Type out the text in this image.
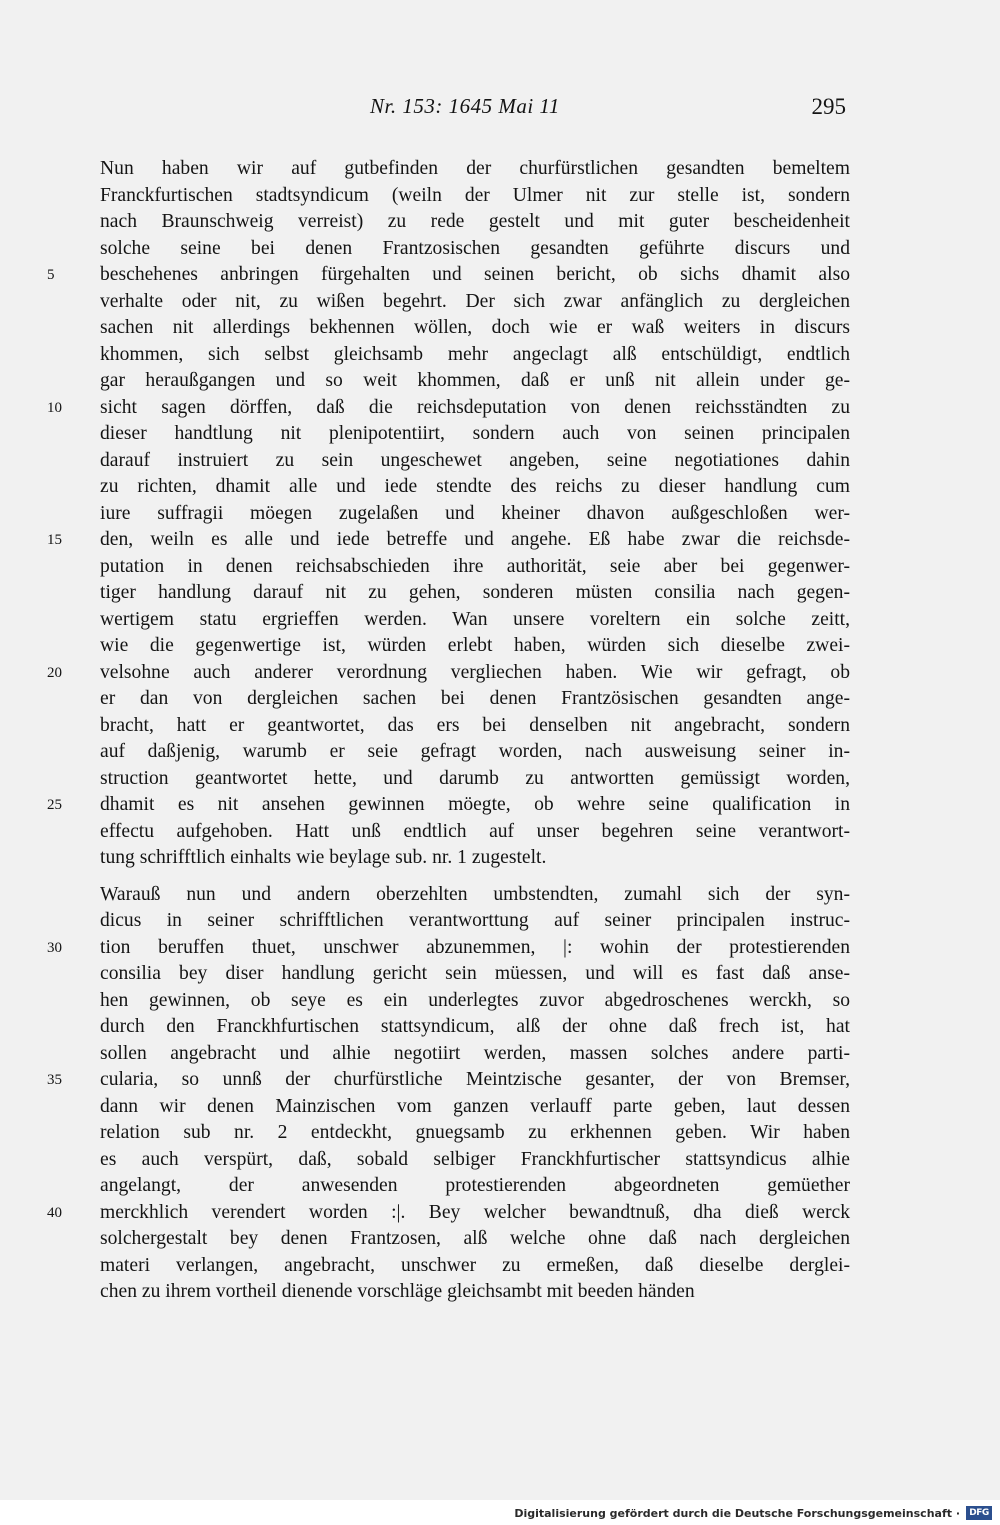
Nr. 153: 1645 Mai 11	295
Nun haben wir auf gutbefinden der churfürstlichen gesandten bemeltem
Franckfurtischen stadtsyndicum (weiln der Ulmer nit zur stelle ist, sondern
nach Braunschweig verreist) zu rede gestelt und mit guter bescheidenheit
solche seine bei denen Frantzosischen gesandten geführte discurs und
beschehenes anbringen fürgehalten und seinen bericht, ob sichs dhamit also
5
verhalte oder nit, zu wißen begehrt. Der sich zwar anfänglich zu dergleichen
sachen nit allerdings bekhennen wöllen, doch wie er waß weiters in discurs
khommen, sich selbst gleichsamb mehr angeclagt alß entschüldigt, endtlich
gar heraußgangen und so weit khommen, daß er unß nit allein under ge-
sicht sagen dörffen, daß die reichsdeputation von denen reichsständten zu
10
dieser handtlung nit plenipotentiirt, sondern auch von seinen principalen
darauf instruiert zu sein ungeschewet angeben, seine negotiationes dahin
zu richten, dhamit alle und iede stendte des reichs zu dieser handlung cum
iure suffragii möegen zugelaßen und kheiner dhavon außgeschloßen wer-
den, weiln es alle und iede betreffe und angehe. Eß habe zwar die reichsde-
15
putation in denen reichsabschieden ihre authorität, seie aber bei gegenwer-
tiger handlung darauf nit zu gehen, sonderen müsten consilia nach gegen-
wertigem statu ergrieffen werden. Wan unsere voreltern ein solche zeitt,
wie die gegenwertige ist, würden erlebt haben, würden sich dieselbe zwei-
velsohne auch anderer verordnung vergliechen haben. Wie wir gefragt, ob
20
er dan von dergleichen sachen bei denen Frantzösischen gesandten ange-
bracht, hatt er geantwortet, das ers bei denselben nit angebracht, sondern
auf daßjenig, warumb er seie gefragt worden, nach ausweisung seiner in-
struction geantwortet hette, und darumb zu antwortten gemüssigt worden,
dhamit es nit ansehen gewinnen möegte, ob wehre seine qualification in
25
effectu aufgehoben. Hatt unß endtlich auf unser begehren seine verantwort-
tung schrifftlich einhalts wie beylage sub. nr. 1 zugestelt.
Warauß nun und andern oberzehlten umbstendten, zumahl sich der syn-
dicus in seiner schrifftlichen verantworttung auf seiner principalen instruc-
tion beruffen thuet, unschwer abzunemmen, |: wohin der protestierenden
30
consilia bey diser handlung gericht sein müessen, und will es fast daß anse-
hen gewinnen, ob seye es ein underlegtes zuvor abgedroschenes werckh, so
durch den Franckhfurtischen stattsyndicum, alß der ohne daß frech ist, hat
sollen angebracht und alhie negotiirt werden, massen solches andere parti-
cularia, so unnß der churfürstliche Meintzische gesanter, der von Bremser,
35
dann wir denen Mainzischen vom ganzen verlauff parte geben, laut dessen
relation sub nr. 2 entdeckht, gnuegsamb zu erkhennen geben. Wir haben
es auch verspürt, daß, sobald selbiger Franckhfurtischer stattsyndicus alhie
angelangt, der anwesenden protestierenden abgeordneten gemüether
merckhlich verendert worden :|. Bey welcher bewandtnuß, dha dieß werck
40
solchergestalt bey denen Frantzosen, alß welche ohne daß nach dergleichen
materi verlangen, angebracht, unschwer zu ermeßen, daß dieselbe derglei-
chen zu ihrem vortheil dienende vorschläge gleichsambt mit beeden händen
Digitalisierung gefördert durch die Deutsche Forschungsgemeinschaft ·	DFG
